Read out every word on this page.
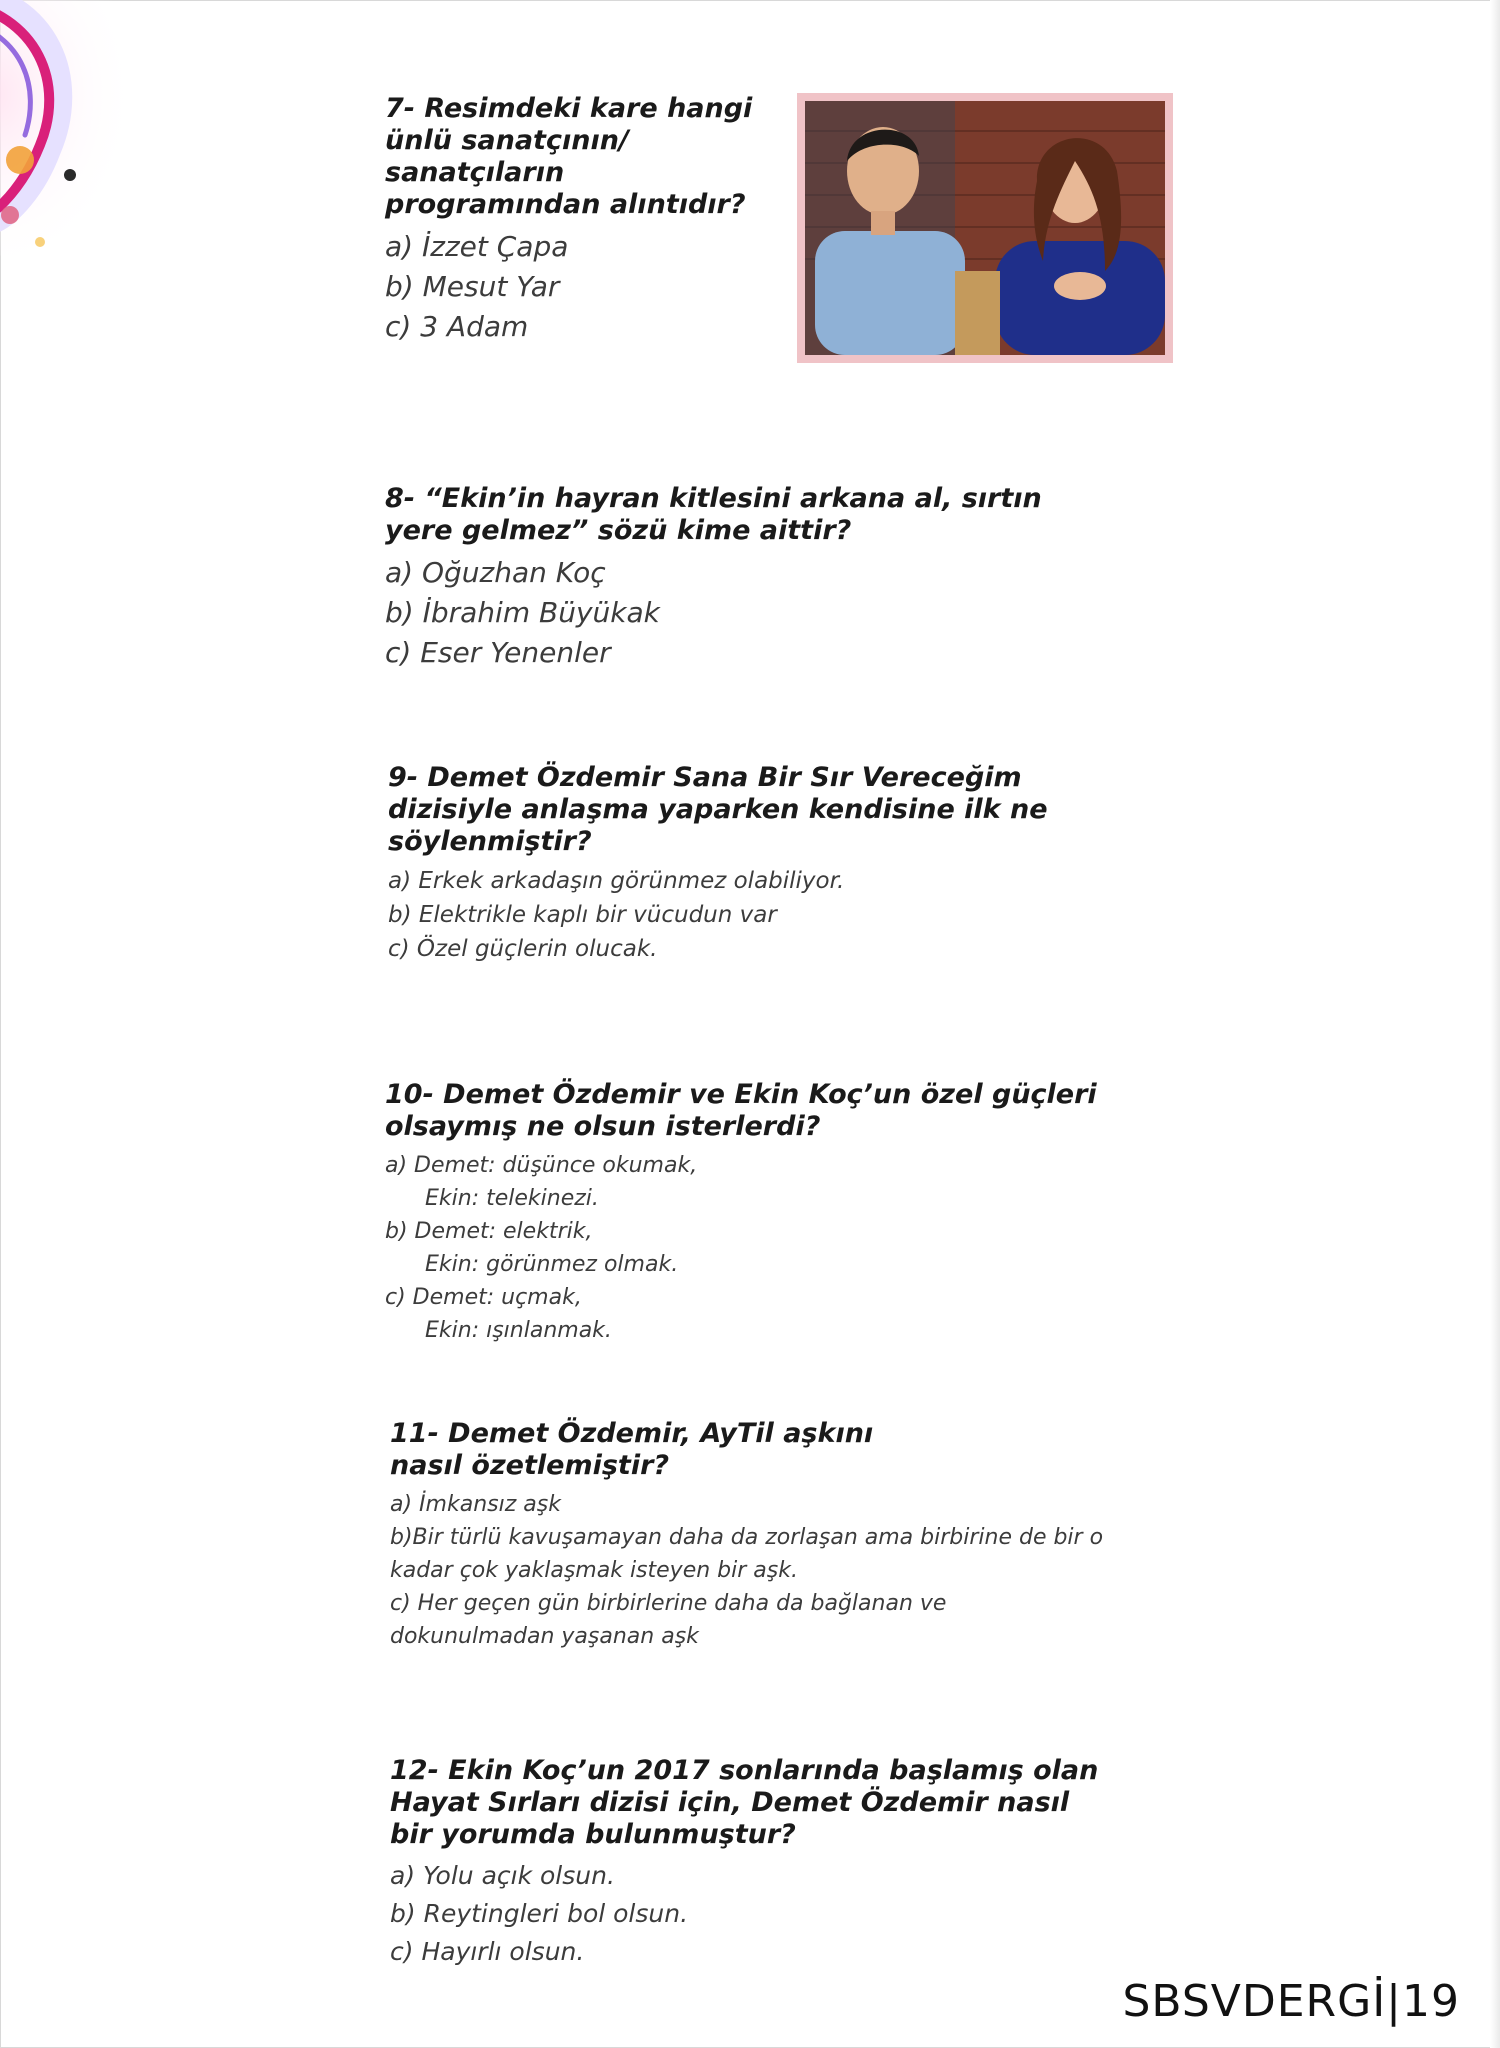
7- Resimdeki kare hangi ünlü sanatçının/ sanatçıların programından alıntıdır?

a) İzzet Çapa
b) Mesut Yar
c) 3 Adam

8- “Ekin’in hayran kitlesini arkana al, sırtın yere gelmez” sözü kime aittir?

a) Oğuzhan Koç
b) İbrahim Büyükak
c) Eser Yenenler

9- Demet Özdemir Sana Bir Sır Vereceğim dizisiyle anlaşma yaparken kendisine ilk ne söylenmiştir?

a) Erkek arkadaşın görünmez olabiliyor.
b) Elektrikle kaplı bir vücudun var
c) Özel güçlerin olucak.

10- Demet Özdemir ve Ekin Koç’un özel güçleri olsaymış ne olsun isterlerdi?

a) Demet: düşünce okumak,
Ekin: telekinezi.
b) Demet: elektrik,
Ekin: görünmez olmak.
c) Demet: uçmak,
Ekin: ışınlanmak.

11- Demet Özdemir, AyTil aşkını nasıl özetlemiştir?

a) İmkansız aşk
b)Bir türlü kavuşamayan daha da zorlaşan ama birbirine de bir o kadar çok yaklaşmak isteyen bir aşk.
c) Her geçen gün birbirlerine daha da bağlanan ve dokunulmadan yaşanan aşk

12- Ekin Koç’un 2017 sonlarında başlamış olan Hayat Sırları dizisi için, Demet Özdemir nasıl bir yorumda bulunmuştur?

a) Yolu açık olsun.
b) Reytingleri bol olsun.
c) Hayırlı olsun.
SBSVDERGİ|19
